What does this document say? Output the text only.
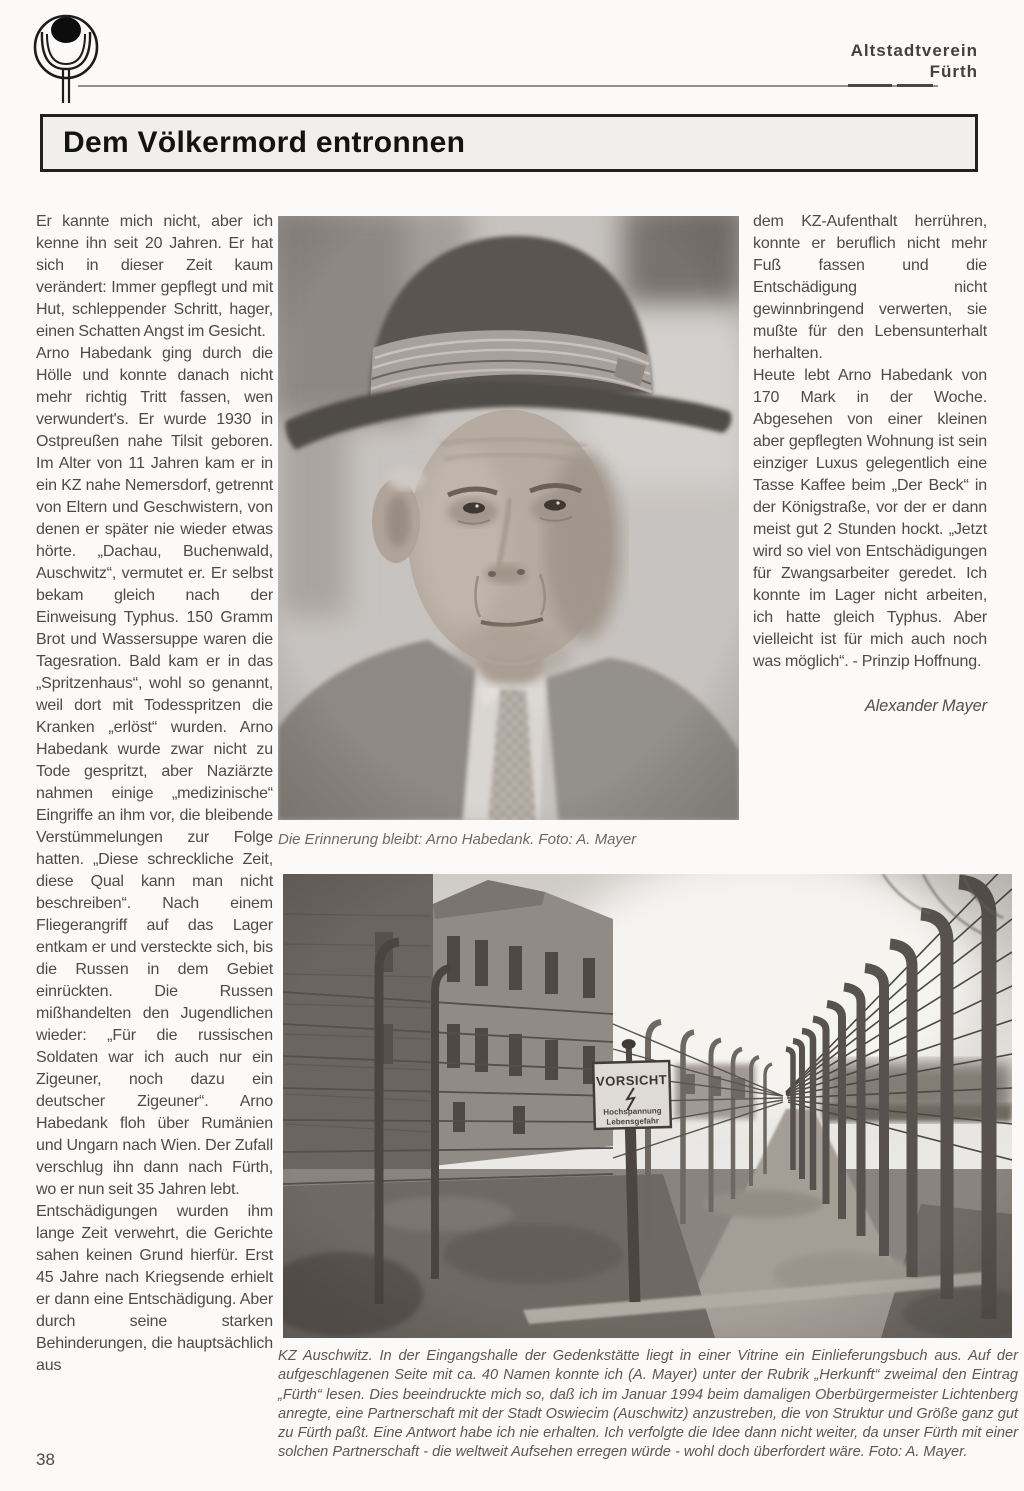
Altstadtverein
Fürth
Dem Völkermord entronnen

Er kannte mich nicht, aber ich kenne ihn seit 20 Jahren. Er hat sich in dieser Zeit kaum verändert: Immer gepflegt und mit Hut, schleppender Schritt, hager, einen Schatten Angst im Gesicht.

Arno Habedank ging durch die Hölle und konnte danach nicht mehr richtig Tritt fassen, wen verwundert's. Er wurde 1930 in Ostpreußen nahe Tilsit geboren. Im Alter von 11 Jahren kam er in ein KZ nahe Nemersdorf, getrennt von Eltern und Geschwistern, von denen er später nie wieder etwas hörte. „Dachau, Buchenwald, Auschwitz“, vermutet er. Er selbst bekam gleich nach der Einweisung Typhus. 150 Gramm Brot und Wassersuppe waren die Tagesration. Bald kam er in das „Spritzenhaus“, wohl so genannt, weil dort mit Todesspritzen die Kranken „erlöst“ wurden. Arno Habedank wurde zwar nicht zu Tode gespritzt, aber Naziärzte nahmen einige „medizinische“ Eingriffe an ihm vor, die bleibende Verstümmelungen zur Folge hatten. „Diese schreckliche Zeit, diese Qual kann man nicht beschreiben“. Nach einem Fliegerangriff auf das Lager entkam er und versteckte sich, bis die Russen in dem Gebiet einrückten. Die Russen mißhandelten den Jugendlichen wieder: „Für die russischen Soldaten war ich auch nur ein Zigeuner, noch dazu ein deutscher Zigeuner“. Arno Habedank floh über Rumänien und Ungarn nach Wien. Der Zufall verschlug ihn dann nach Fürth, wo er nun seit 35 Jahren lebt.

Entschädigungen wurden ihm lange Zeit verwehrt, die Gerichte sahen keinen Grund hierfür. Erst 45 Jahre nach Kriegsende erhielt er dann eine Entschädigung. Aber durch seine starken Behinderungen, die hauptsächlich aus

Die Erinnerung bleibt: Arno Habedank. Foto: A. Mayer

dem KZ-Aufenthalt herrühren, konnte er beruflich nicht mehr Fuß fassen und die Entschädigung nicht gewinnbringend verwerten, sie mußte für den Lebensunterhalt herhalten.

Heute lebt Arno Habedank von 170 Mark in der Woche. Abgesehen von einer kleinen aber gepflegten Wohnung ist sein einziger Luxus gelegentlich eine Tasse Kaffee beim „Der Beck“ in der Königstraße, vor der er dann meist gut 2 Stunden hockt. „Jetzt wird so viel von Entschädigungen für Zwangsarbeiter geredet. Ich konnte im Lager nicht arbeiten, ich hatte gleich Typhus. Aber vielleicht ist für mich auch noch was möglich“. - Prinzip Hoffnung.

Alexander Mayer

KZ Auschwitz. In der Eingangshalle der Gedenkstätte liegt in einer Vitrine ein Einlieferungsbuch aus. Auf der aufgeschlagenen Seite mit ca. 40 Namen konnte ich (A. Mayer) unter der Rubrik „Herkunft“ zweimal den Eintrag „Fürth“ lesen. Dies beeindruckte mich so, daß ich im Januar 1994 beim damaligen Oberbürgermeister Lichtenberg anregte, eine Partnerschaft mit der Stadt Oswiecim (Auschwitz) anzustreben, die von Struktur und Größe ganz gut zu Fürth paßt. Eine Antwort habe ich nie erhalten. Ich verfolgte die Idee dann nicht weiter, da unser Fürth mit einer solchen Partnerschaft - die weltweit Aufsehen erregen würde - wohl doch überfordert wäre. Foto: A. Mayer.

38
